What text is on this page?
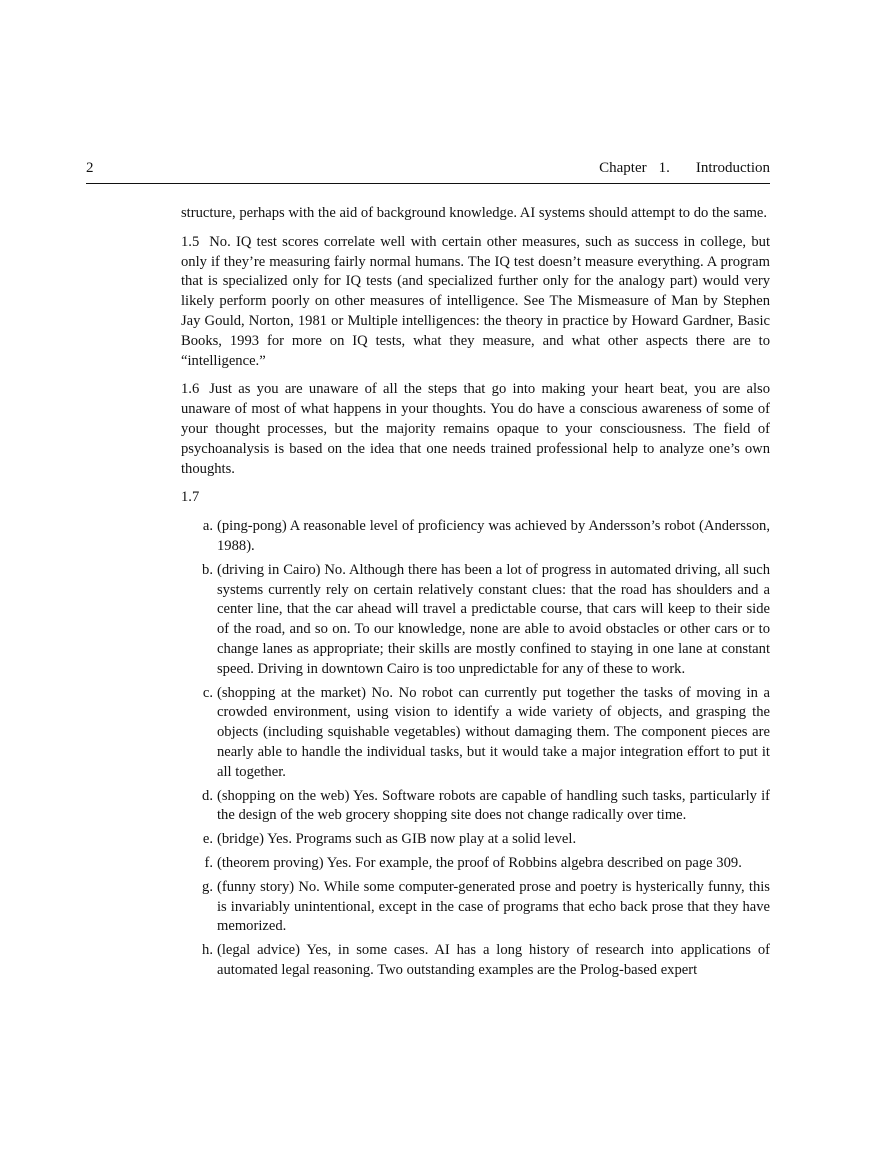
2	Chapter 1. Introduction

structure, perhaps with the aid of background knowledge. AI systems should attempt to do the same.

1.5 No. IQ test scores correlate well with certain other measures, such as success in college, but only if they’re measuring fairly normal humans. The IQ test doesn’t measure everything. A program that is specialized only for IQ tests (and specialized further only for the analogy part) would very likely perform poorly on other measures of intelligence. See The Mismeasure of Man by Stephen Jay Gould, Norton, 1981 or Multiple intelligences: the theory in practice by Howard Gardner, Basic Books, 1993 for more on IQ tests, what they measure, and what other aspects there are to “intelligence.”

1.6 Just as you are unaware of all the steps that go into making your heart beat, you are also unaware of most of what happens in your thoughts. You do have a conscious awareness of some of your thought processes, but the majority remains opaque to your consciousness. The field of psychoanalysis is based on the idea that one needs trained professional help to analyze one’s own thoughts.

1.7

a. (ping-pong) A reasonable level of proficiency was achieved by Andersson’s robot (Andersson, 1988).
b. (driving in Cairo) No. Although there has been a lot of progress in automated driving, all such systems currently rely on certain relatively constant clues: that the road has shoulders and a center line, that the car ahead will travel a predictable course, that cars will keep to their side of the road, and so on. To our knowledge, none are able to avoid obstacles or other cars or to change lanes as appropriate; their skills are mostly confined to staying in one lane at constant speed. Driving in downtown Cairo is too unpredictable for any of these to work.
c. (shopping at the market) No. No robot can currently put together the tasks of moving in a crowded environment, using vision to identify a wide variety of objects, and grasping the objects (including squishable vegetables) without damaging them. The component pieces are nearly able to handle the individual tasks, but it would take a major integration effort to put it all together.
d. (shopping on the web) Yes. Software robots are capable of handling such tasks, particularly if the design of the web grocery shopping site does not change radically over time.
e. (bridge) Yes. Programs such as GIB now play at a solid level.
f. (theorem proving) Yes. For example, the proof of Robbins algebra described on page 309.
g. (funny story) No. While some computer-generated prose and poetry is hysterically funny, this is invariably unintentional, except in the case of programs that echo back prose that they have memorized.
h. (legal advice) Yes, in some cases. AI has a long history of research into applications of automated legal reasoning. Two outstanding examples are the Prolog-based expert
